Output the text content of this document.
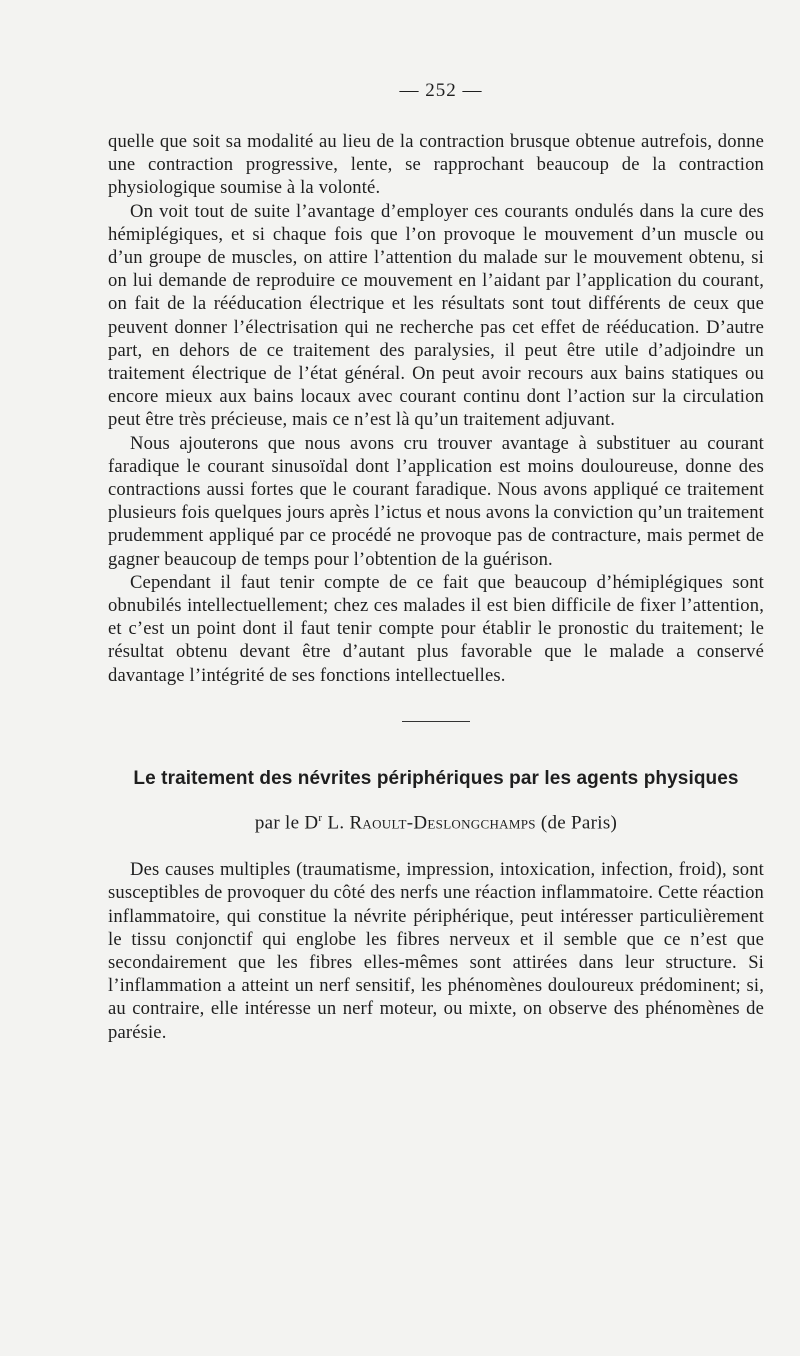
— 252 —

quelle que soit sa modalité au lieu de la contraction brusque obtenue autrefois, donne une contraction progressive, lente, se rapprochant beaucoup de la contraction physiologique soumise à la volonté.

On voit tout de suite l’avantage d’employer ces courants ondulés dans la cure des hémiplégiques, et si chaque fois que l’on provoque le mouvement d’un muscle ou d’un groupe de muscles, on attire l’attention du malade sur le mouvement obtenu, si on lui demande de reproduire ce mouvement en l’aidant par l’application du courant, on fait de la rééducation électrique et les résultats sont tout différents de ceux que peuvent donner l’électrisation qui ne recherche pas cet effet de rééducation. D’autre part, en dehors de ce traitement des paralysies, il peut être utile d’adjoindre un traitement électrique de l’état général. On peut avoir recours aux bains statiques ou encore mieux aux bains locaux avec courant continu dont l’action sur la circulation peut être très précieuse, mais ce n’est là qu’un traitement adjuvant.

Nous ajouterons que nous avons cru trouver avantage à substituer au courant faradique le courant sinusoïdal dont l’application est moins douloureuse, donne des contractions aussi fortes que le courant faradique. Nous avons appliqué ce traitement plusieurs fois quelques jours après l’ictus et nous avons la conviction qu’un traitement prudemment appliqué par ce procédé ne provoque pas de contracture, mais permet de gagner beaucoup de temps pour l’obtention de la guérison.

Cependant il faut tenir compte de ce fait que beaucoup d’hémiplégiques sont obnubilés intellectuellement; chez ces malades il est bien difficile de fixer l’attention, et c’est un point dont il faut tenir compte pour établir le pronostic du traitement; le résultat obtenu devant être d’autant plus favorable que le malade a conservé davantage l’intégrité de ses fonctions intellectuelles.

Le traitement des névrites périphériques par les agents physiques
par le $D^r$ L. Raoult-Deslongchamps (de Paris)

Des causes multiples (traumatisme, impression, intoxication, infection, froid), sont susceptibles de provoquer du côté des nerfs une réaction inflammatoire. Cette réaction inflammatoire, qui constitue la névrite périphérique, peut intéresser particulièrement le tissu conjonctif qui englobe les fibres nerveux et il semble que ce n’est que secondairement que les fibres elles-mêmes sont attirées dans leur structure. Si l’inflammation a atteint un nerf sensitif, les phénomènes douloureux prédominent; si, au contraire, elle intéresse un nerf moteur, ou mixte, on observe des phénomènes de parésie.
